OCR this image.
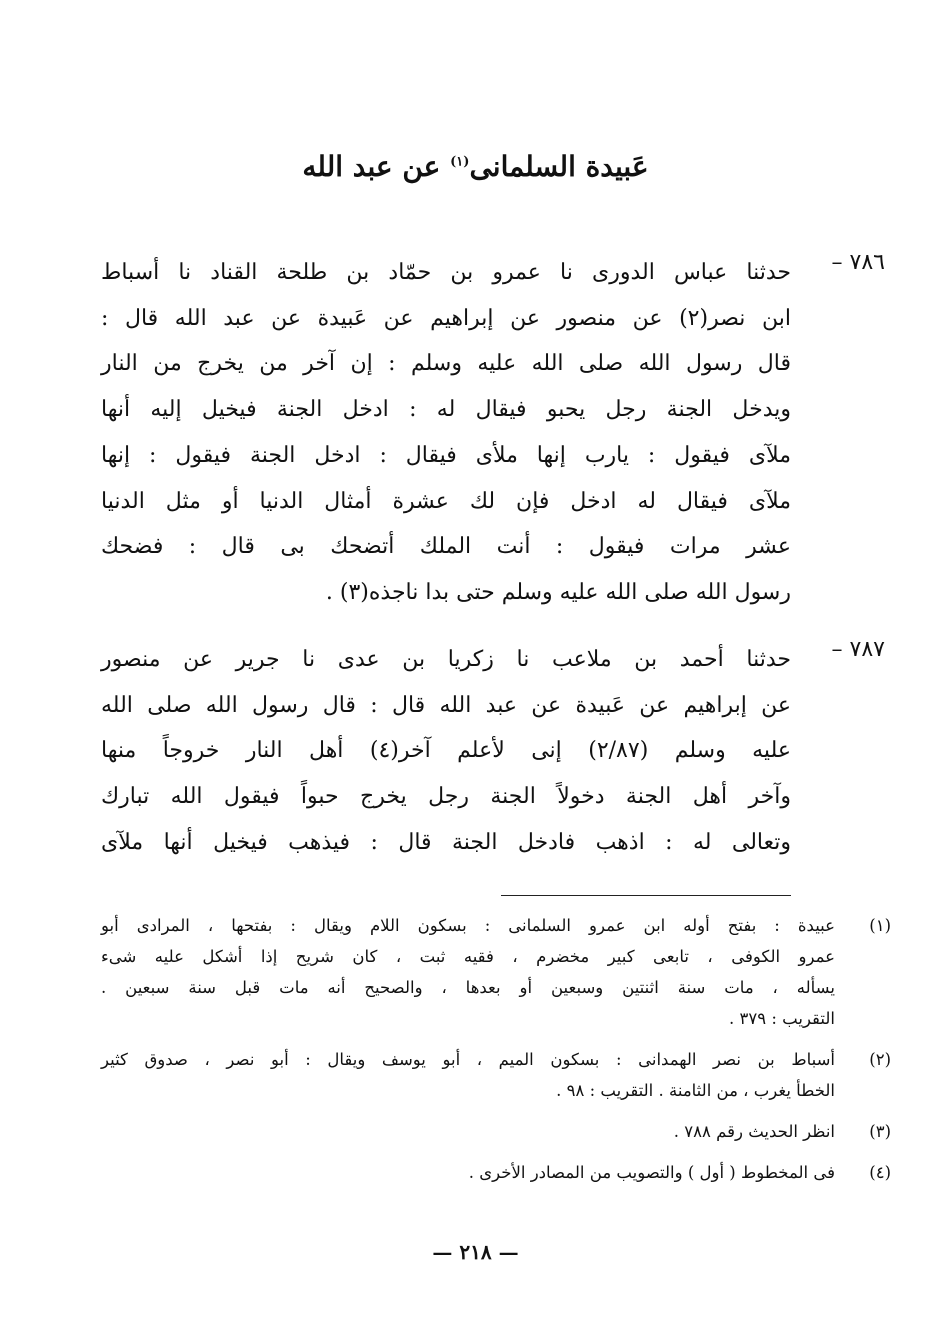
عَبيدة السلمانى$^{(١)}$ عن عبد الله
٧٨٦ –
حدثنا عباس الدورى نا عمرو بن حمّاد بن طلحة القناد نا أسباط
ابن نصر(٢) عن منصور عن إبراهيم عن عَبيدة عن عبد الله قال :
قال رسول الله صلى الله عليه وسلم : إن آخر من يخرج من النار
ويدخل الجنة رجل يحبو فيقال له : ادخل الجنة فيخيل إليه أنها
ملآى فيقول : يارب إنها ملأى فيقال : ادخل الجنة فيقول : إنها
ملآى فيقال له ادخل فإن لك عشرة أمثال الدنيا أو مثل الدنيا
عشر مرات فيقول : أنت الملك أتضحك بى قال : فضحك
رسول الله صلى الله عليه وسلم حتى بدا ناجذه(٣) .
٧٨٧ –
حدثنا أحمد بن ملاعب نا زكريا بن عدى نا جرير عن منصور
عن إبراهيم عن عَبيدة عن عبد الله قال : قال رسول الله صلى الله
عليه وسلم (٢/٨٧) إنى لأعلم آخر(٤) أهل النار خروجاً منها
وآخر أهل الجنة دخولاً الجنة رجل يخرج حبواً فيقول الله تبارك
وتعالى له : اذهب فادخل الجنة قال : فيذهب فيخيل أنها ملآى
(١)
عبيدة : بفتح أوله ابن عمرو السلمانى : بسكون اللام ويقال : بفتحها ، المرادى أبو
عمرو الكوفى ، تابعى كبير مخضرم ، فقيه ثبت ، كان شريح إذا أشكل عليه شىء
يسأله ، مات سنة اثنتين وسبعين أو بعدها ، والصحيح أنه مات قبل سنة سبعين .
التقريب : ٣٧٩ .
(٢)
أسباط بن نصر الهمدانى : بسكون الميم ، أبو يوسف ويقال : أبو نصر ، صدوق كثير
الخطأ يغرب ، من الثامنة . التقريب : ٩٨ .
(٣)
انظر الحديث رقم ٧٨٨ .
(٤)
فى المخطوط ( أول ) والتصويب من المصادر الأخرى .
— ٢١٨ —
